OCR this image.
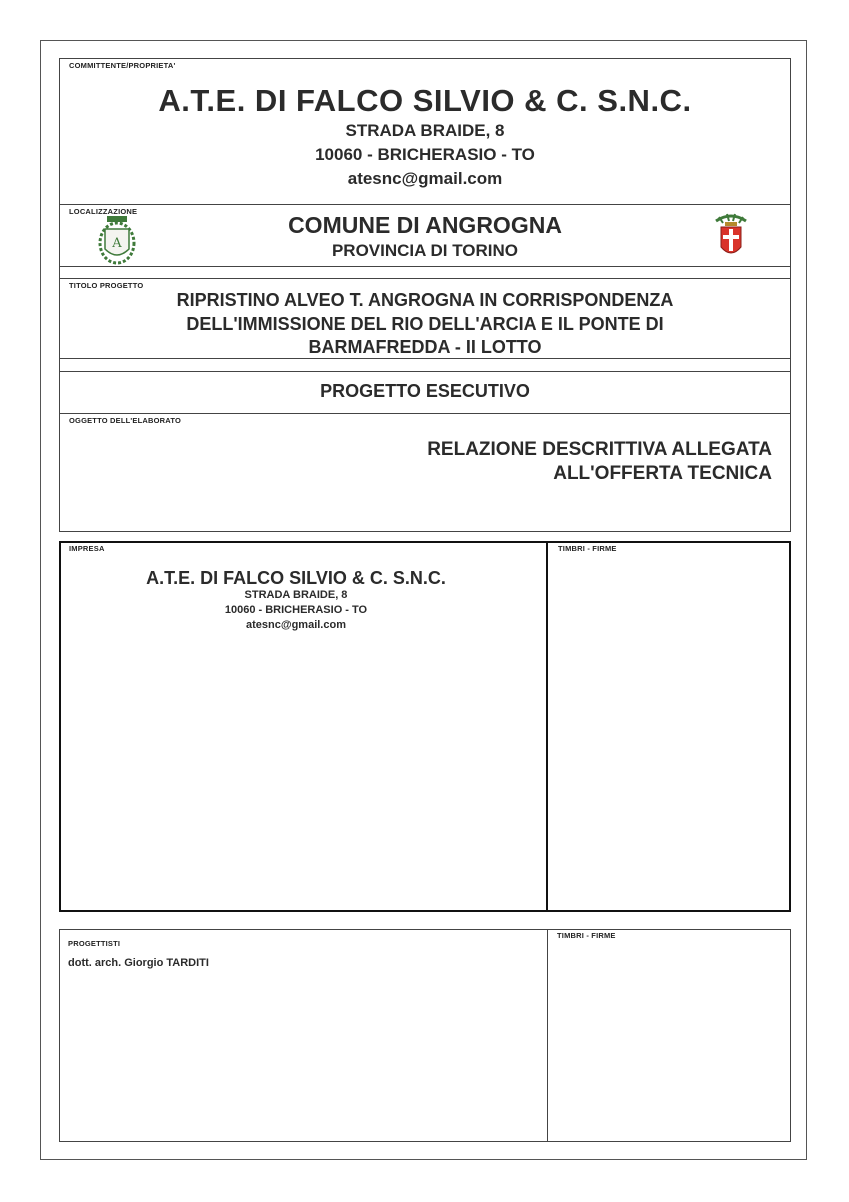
COMMITTENTE/PROPRIETA'
A.T.E. DI FALCO SILVIO & C. S.N.C.
STRADA BRAIDE, 8
10060 - BRICHERASIO - TO
atesnc@gmail.com
LOCALIZZAZIONE
A
COMUNE DI ANGROGNA
PROVINCIA DI TORINO
TITOLO PROGETTO
RIPRISTINO ALVEO T. ANGROGNA IN CORRISPONDENZA
DELL'IMMISSIONE DEL RIO DELL'ARCIA E IL PONTE DI
BARMAFREDDA - II LOTTO
PROGETTO ESECUTIVO
OGGETTO DELL'ELABORATO
RELAZIONE DESCRITTIVA ALLEGATA
ALL'OFFERTA TECNICA
IMPRESA
A.T.E. DI FALCO SILVIO & C. S.N.C.
STRADA BRAIDE, 8
10060 - BRICHERASIO - TO
atesnc@gmail.com
TIMBRI - FIRME
PROGETTISTI
dott. arch. Giorgio TARDITI
TIMBRI - FIRME
